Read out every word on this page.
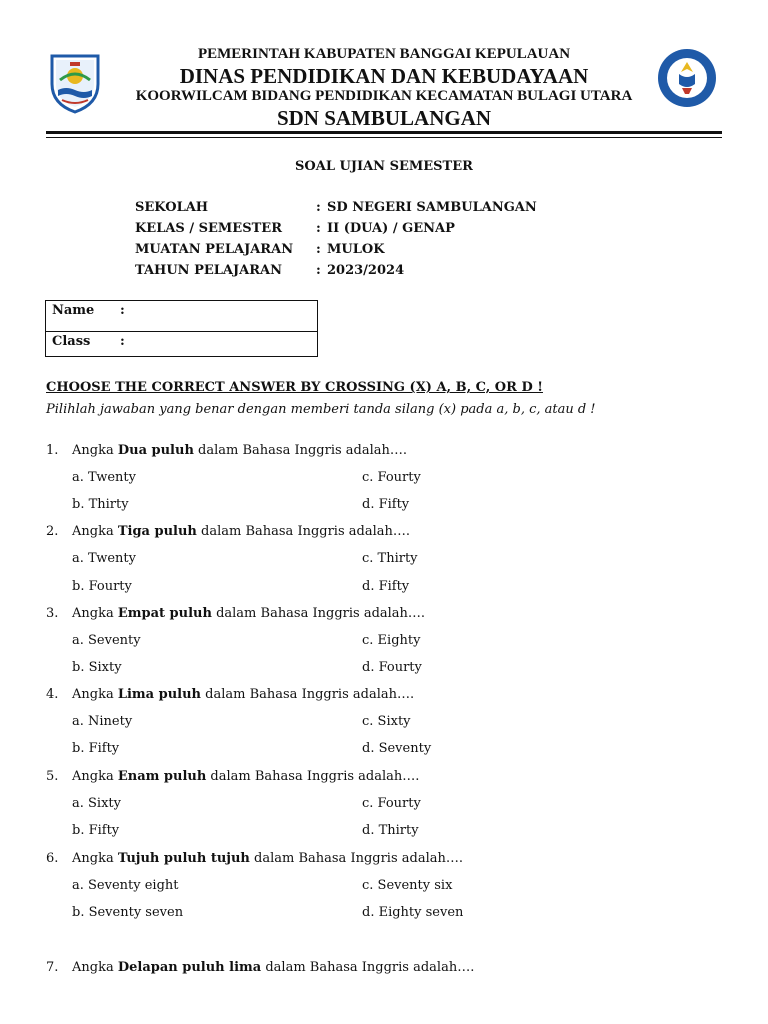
PEMERINTAH KABUPATEN BANGGAI KEPULAUAN
DINAS PENDIDIKAN DAN KEBUDAYAAN
KOORWILCAM BIDANG PENDIDIKAN KECAMATAN BULAGI UTARA
SDN SAMBULANGAN
SOAL UJIAN SEMESTER
SEKOLAH	: SD NEGERI SAMBULANGAN
KELAS / SEMESTER	: II (DUA) / GENAP
MUATAN PELAJARAN : MULOK
TAHUN PELAJARAN	: 2023/2024
Name :
Class :
CHOOSE THE CORRECT ANSWER BY CROSSING (X) A, B, C, OR D !
Pilihlah jawaban yang benar dengan memberi tanda silang (x) pada a, b, c, atau d !
1. Angka Dua puluh dalam Bahasa Inggris adalah….
a. Twenty	c. Fourty
b. Thirty	d. Fifty
2. Angka Tiga puluh dalam Bahasa Inggris adalah….
a. Twenty	c. Thirty
b. Fourty	d. Fifty
3. Angka Empat puluh dalam Bahasa Inggris adalah….
a. Seventy	c. Eighty
b. Sixty	d. Fourty
4. Angka Lima puluh dalam Bahasa Inggris adalah….
a. Ninety	c. Sixty
b. Fifty	d. Seventy
5. Angka Enam puluh dalam Bahasa Inggris adalah….
a. Sixty	c. Fourty
b. Fifty	d. Thirty
6. Angka Tujuh puluh tujuh dalam Bahasa Inggris adalah….
a. Seventy eight	c. Seventy six
b. Seventy seven	d. Eighty seven
7. Angka Delapan puluh lima dalam Bahasa Inggris adalah….
